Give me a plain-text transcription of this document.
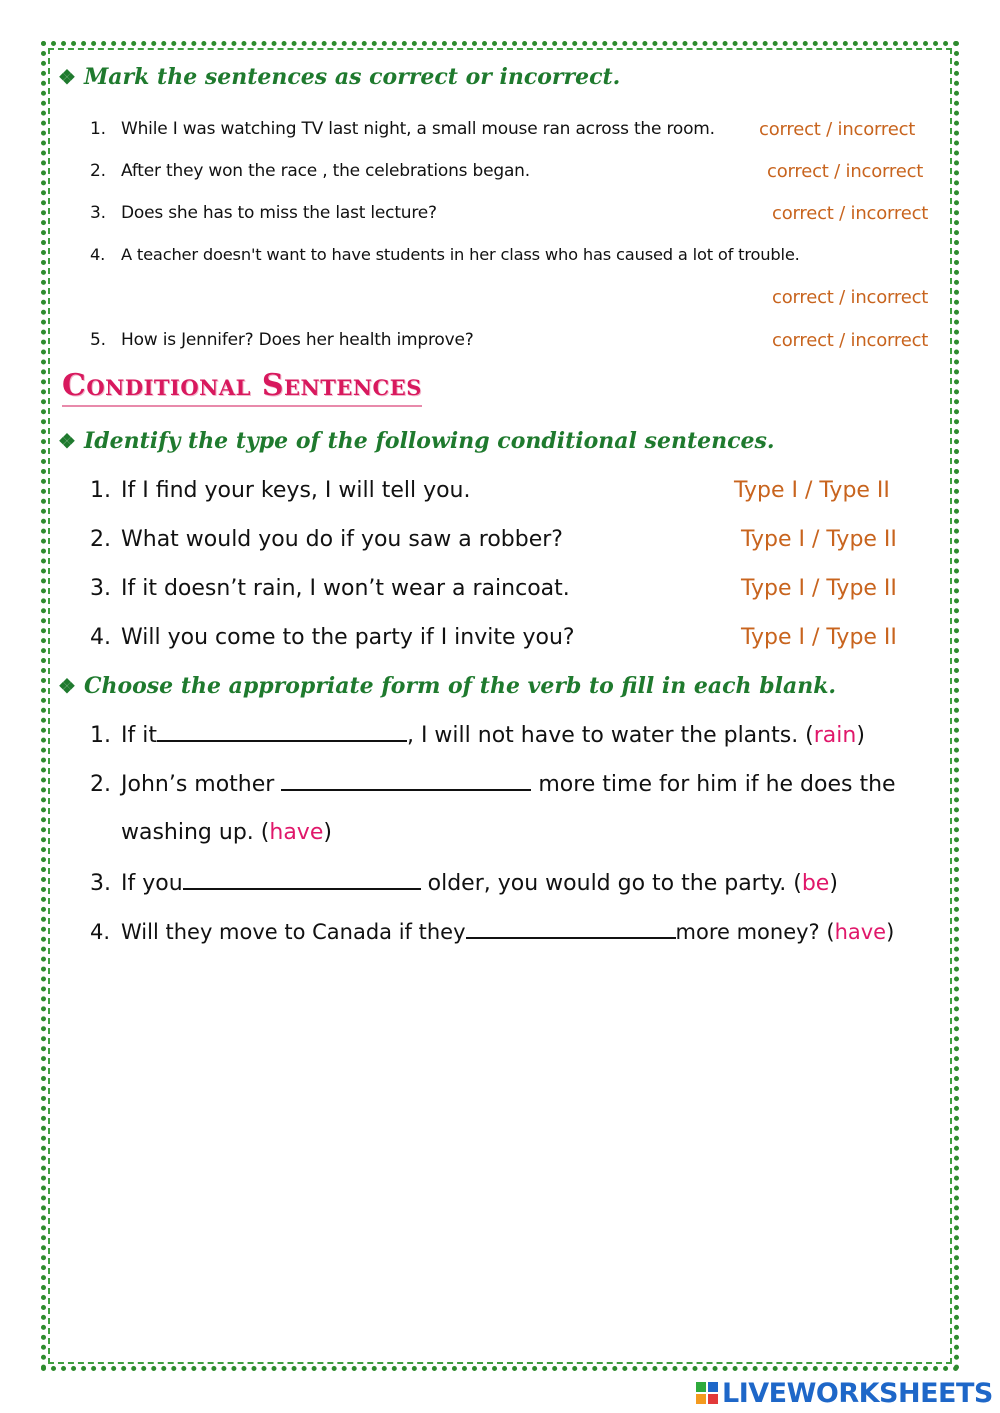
❖ Mark the sentences as correct or incorrect.
1. While I was watching TV last night, a small mouse ran across the room. correct / incorrect
2. After they won the race , the celebrations began.	correct / incorrect
3. Does she has to miss the last lecture?	correct / incorrect
4. A teacher doesn't want to have students in her class who has caused a lot of trouble.
correct / incorrect
5. How is Jennifer? Does her health improve?	correct / incorrect
Conditional Sentences
❖ Identify the type of the following conditional sentences.
1. If I find your keys, I will tell you.	Type I / Type II
2. What would you do if you saw a robber?	Type I / Type II
3. If it doesn’t rain, I won’t wear a raincoat.	Type I / Type II
4. Will you come to the party if I invite you?	Type I / Type II
❖ Choose the appropriate form of the verb to fill in each blank.
1. If it	, I will not have to water the plants. (rain)
2. John’s mother	more time for him if he does the
washing up. (have)
3. If you	older, you would go to the party. (be)
4. Will they move to Canada if they	more money? (have)
LIVEWORKSHEETS
